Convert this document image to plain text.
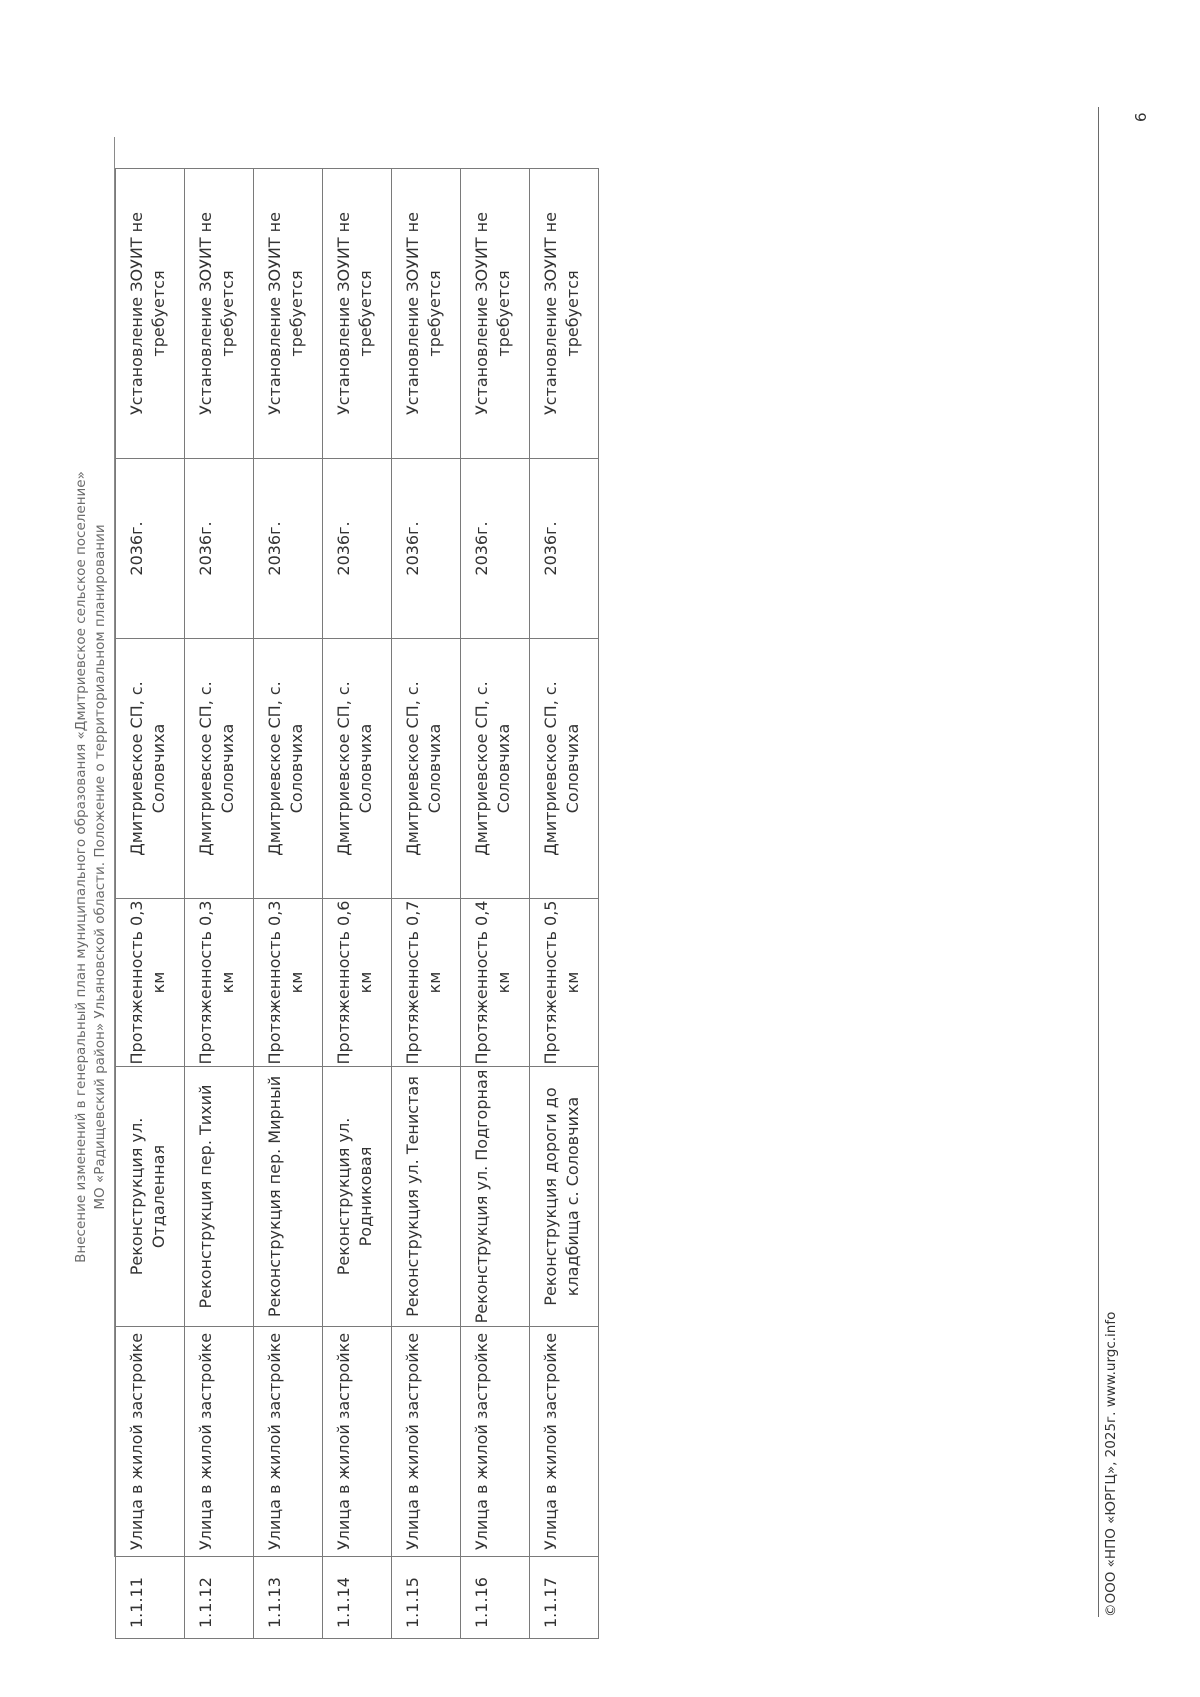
Внесение изменений в генеральный план муниципального образования «Дмитриевское сельское поселение» МО «Радищевский район» Ульяновской области. Положение о территориальном планировании
1.1.11	Улица в жилой застройке	Реконструкция ул. Отдаленная	Протяженность 0,3 км	Дмитриевское СП, с. Соловчиха	2036г.	Установление ЗОУИТ не требуется

1.1.12	Улица в жилой застройке	Реконструкция пер. Тихий	Протяженность 0,3 км	Дмитриевское СП, с. Соловчиха	2036г.	Установление ЗОУИТ не требуется

1.1.13	Улица в жилой застройке	Реконструкция пер. Мирный	Протяженность 0,3 км	Дмитриевское СП, с. Соловчиха	2036г.	Установление ЗОУИТ не требуется

1.1.14	Улица в жилой застройке	Реконструкция ул. Родниковая	Протяженность 0,6 км	Дмитриевское СП, с. Соловчиха	2036г.	Установление ЗОУИТ не требуется

1.1.15	Улица в жилой застройке	Реконструкция ул. Тенистая	Протяженность 0,7 км	Дмитриевское СП, с. Соловчиха	2036г.	Установление ЗОУИТ не требуется

1.1.16	Улица в жилой застройке	Реконструкция ул. Подгорная	Протяженность 0,4 км	Дмитриевское СП, с. Соловчиха	2036г.	Установление ЗОУИТ не требуется

1.1.17	Улица в жилой застройке	Реконструкция дороги до кладбища с. Соловчиха	Протяженность 0,5 км	Дмитриевское СП, с. Соловчиха	2036г.	Установление ЗОУИТ не требуется
©ООО «НПО «ЮРГЦ», 2025г. www.urgc.info
6
